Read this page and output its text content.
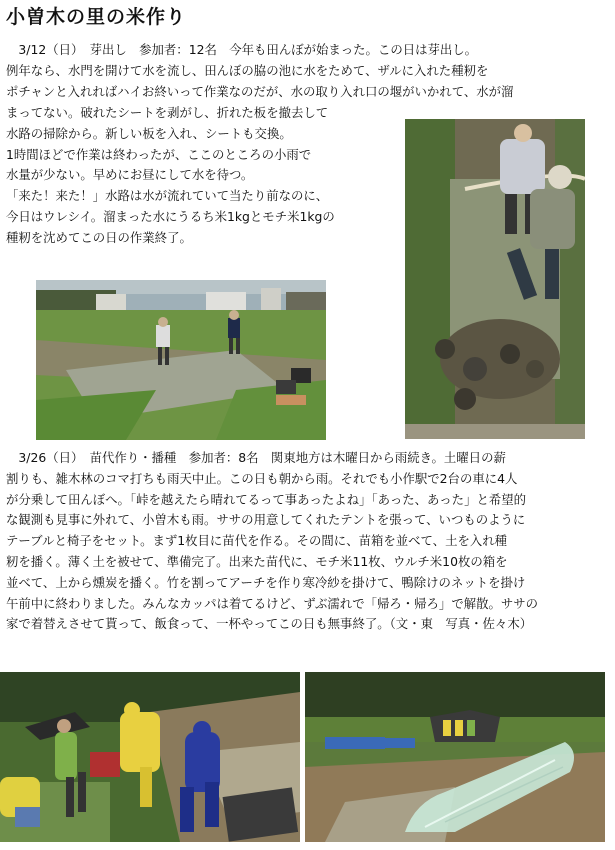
小曽木の里の米作り
　3/12（日）　芽出し　参加者：12名　今年も田んぼが始まった。この日は芽出し。
例年なら、水門を開けて水を流し、田んぼの脇の池に水をためて、ザルに入れた種籾を
ポチャンと入れればハイお終いって作業なのだが、水の取り入れ口の堰がいかれて、水が溜
まってない。破れたシートを剥がし、折れた板を撤去して
水路の掃除から。新しい板を入れ、シートも交換。
1時間ほどで作業は終わったが、ここのところの小雨で
水量が少ない。早めにお昼にして水を待つ。
「来た！来た！」水路は水が流れていて当たり前なのに、
今日はウレシイ。溜まった水にうるち米1kgとモチ米1kgの
種籾を沈めてこの日の作業終了。
　3/26（日）　苗代作り・播種　参加者：8名　関東地方は木曜日から雨続き。土曜日の薪
割りも、雑木林のコマ打ちも雨天中止。この日も朝から雨。それでも小作駅で2台の車に4人
が分乗して田んぼへ。「峠を越えたら晴れてるって事あったよね」「あった、あった」と希望的
な観測も見事に外れて、小曽木も雨。ササの用意してくれたテントを張って、いつものように
テーブルと椅子をセット。まず1枚目に苗代を作る。その間に、苗箱を並べて、土を入れ種
籾を播く。薄く土を被せて、準備完了。出来た苗代に、モチ米11枚、ウルチ米10枚の箱を
並べて、上から燻炭を播く。竹を割ってアーチを作り寒冷紗を掛けて、鴨除けのネットを掛け
午前中に終わりました。みんなカッパは着てるけど、ずぶ濡れで「帰ろ・帰ろ」で解散。ササの
家で着替えさせて貰って、飯食って、一杯やってこの日も無事終了。（文・東　写真・佐々木）
